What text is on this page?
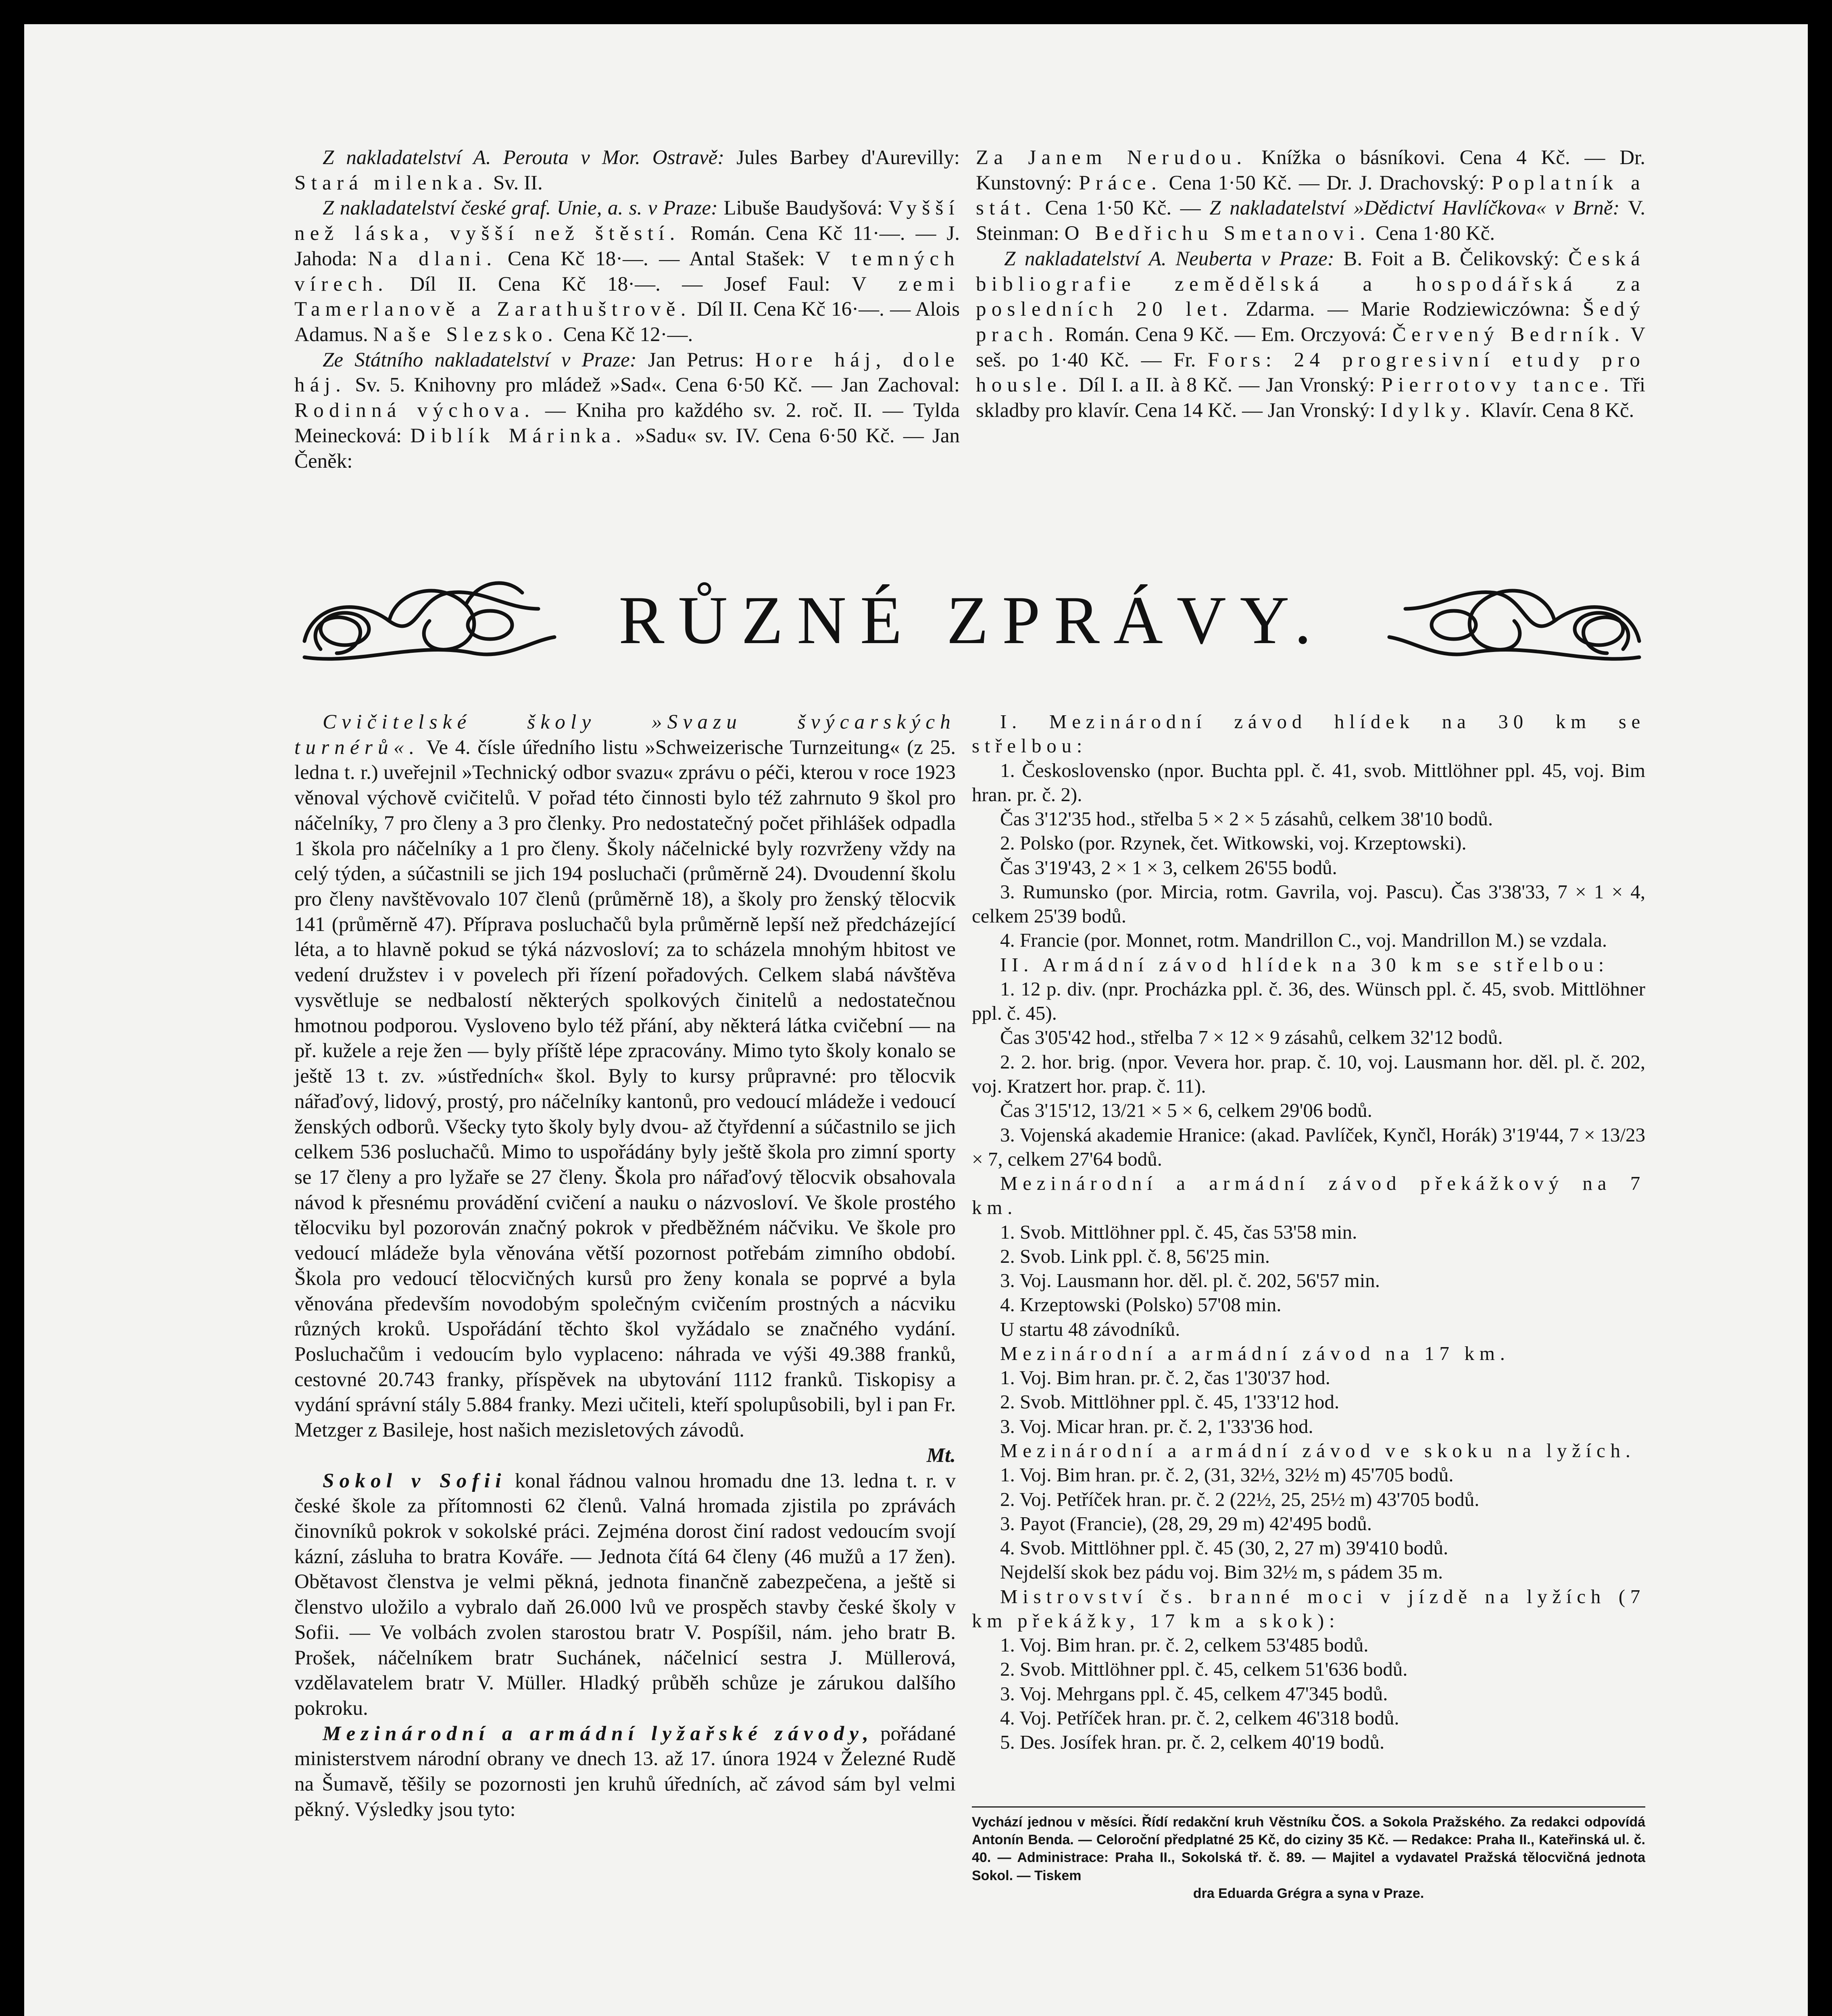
Z nakladatelství A. Perouta v Mor. Ostravě: Jules Barbey d'Aurevilly: Stará milenka. Sv. II.

Z nakladatelství české graf. Unie, a. s. v Praze: Libuše Baudyšová: Vyšší než láska, vyšší než štěstí. Román. Cena Kč 11·—. — J. Jahoda: Na dlani. Cena Kč 18·—. — Antal Stašek: V temných vírech. Díl II. Cena Kč 18·—. — Josef Faul: V zemi Tamerlanově a Zarathuštrově. Díl II. Cena Kč 16·—. — Alois Adamus. Naše Slezsko. Cena Kč 12·—.

Ze Státního nakladatelství v Praze: Jan Petrus: Hore háj, dole háj. Sv. 5. Knihovny pro mládež »Sad«. Cena 6·50 Kč. — Jan Zachoval: Rodinná výchova. — Kniha pro každého sv. 2. roč. II. — Tylda Meinecková: Diblík Márinka. »Sadu« sv. IV. Cena 6·50 Kč. — Jan Čeněk:

Za Janem Nerudou. Knížka o básníkovi. Cena 4 Kč. — Dr. Kunstovný: Práce. Cena 1·50 Kč. — Dr. J. Drachovský: Poplatník a stát. Cena 1·50 Kč. — Z nakladatelství »Dědictví Havlíčkova« v Brně: V. Steinman: O Bedřichu Smetanovi. Cena 1·80 Kč.

Z nakladatelství A. Neuberta v Praze: B. Foit a B. Čelikovský: Česká bibliografie zemědělská a hospodářská za posledních 20 let. Zdarma. — Marie Rodziewiczówna: Šedý prach. Román. Cena 9 Kč. — Em. Orczyová: Červený Bedrník. V seš. po 1·40 Kč. — Fr. Fors: 24 progresivní etudy pro housle. Díl I. a II. à 8 Kč. — Jan Vronský: Pierrotovy tance. Tři skladby pro klavír. Cena 14 Kč. — Jan Vronský: Idylky. Klavír. Cena 8 Kč.

RŮZNÉ ZPRÁVY.

Cvičitelské školy »Svazu švýcarských turnérů«. Ve 4. čísle úředního listu »Schweizerische Turnzeitung« (z 25. ledna t. r.) uveřejnil »Technický odbor svazu« zprávu o péči, kterou v roce 1923 věnoval výchově cvičitelů. V pořad této činnosti bylo též zahrnuto 9 škol pro náčelníky, 7 pro členy a 3 pro členky. Pro nedostatečný počet přihlášek odpadla 1 škola pro náčelníky a 1 pro členy. Školy náčelnické byly rozvrženy vždy na celý týden, a súčastnili se jich 194 posluchači (průměrně 24). Dvoudenní školu pro členy navštěvovalo 107 členů (průměrně 18), a školy pro ženský tělocvik 141 (průměrně 47). Příprava posluchačů byla průměrně lepší než předcházející léta, a to hlavně pokud se týká názvosloví; za to scházela mnohým hbitost ve vedení družstev i v povelech při řízení pořadových. Celkem slabá návštěva vysvětluje se nedbalostí některých spolkových činitelů a nedostatečnou hmotnou podporou. Vysloveno bylo též přání, aby některá látka cvičební — na př. kužele a reje žen — byly příště lépe zpracovány. Mimo tyto školy konalo se ještě 13 t. zv. »ústředních« škol. Byly to kursy průpravné: pro tělocvik nářaďový, lidový, prostý, pro náčelníky kantonů, pro vedoucí mládeže i vedoucí ženských odborů. Všecky tyto školy byly dvou- až čtyřdenní a súčastnilo se jich celkem 536 posluchačů. Mimo to uspořádány byly ještě škola pro zimní sporty se 17 členy a pro lyžaře se 27 členy. Škola pro nářaďový tělocvik obsahovala návod k přesnému provádění cvičení a nauku o názvosloví. Ve škole prostého tělocviku byl pozorován značný pokrok v předběžném náčviku. Ve škole pro vedoucí mládeže byla věnována větší pozornost potřebám zimního období. Škola pro vedoucí tělocvičných kursů pro ženy konala se poprvé a byla věnována především novodobým společným cvičením prostných a nácviku různých kroků. Uspořádání těchto škol vyžádalo se značného vydání. Posluchačům i vedoucím bylo vyplaceno: náhrada ve výši 49.388 franků, cestovné 20.743 franky, příspěvek na ubytování 1112 franků. Tiskopisy a vydání správní stály 5.884 franky. Mezi učiteli, kteří spolupůsobili, byl i pan Fr. Metzger z Basileje, host našich mezisletových závodů.
Mt.

Sokol v Sofii konal řádnou valnou hromadu dne 13. ledna t. r. v české škole za přítomnosti 62 členů. Valná hromada zjistila po zprávách činovníků pokrok v sokolské práci. Zejména dorost činí radost vedoucím svojí kázní, zásluha to bratra Kováře. — Jednota čítá 64 členy (46 mužů a 17 žen). Obětavost členstva je velmi pěkná, jednota finančně zabezpečena, a ještě si členstvo uložilo a vybralo daň 26.000 lvů ve prospěch stavby české školy v Sofii. — Ve volbách zvolen starostou bratr V. Pospíšil, nám. jeho bratr B. Prošek, náčelníkem bratr Suchánek, náčelnicí sestra J. Müllerová, vzdělavatelem bratr V. Müller. Hladký průběh schůze je zárukou dalšího pokroku.

Mezinárodní a armádní lyžařské závody, pořádané ministerstvem národní obrany ve dnech 13. až 17. února 1924 v Železné Rudě na Šumavě, těšily se pozornosti jen kruhů úředních, ač závod sám byl velmi pěkný. Výsledky jsou tyto:

I. Mezinárodní závod hlídek na 30 km se střelbou:

1. Československo (npor. Buchta ppl. č. 41, svob. Mittlöhner ppl. 45, voj. Bim hran. pr. č. 2).

Čas 3'12'35 hod., střelba 5 × 2 × 5 zásahů, celkem 38'10 bodů.

2. Polsko (por. Rzynek, čet. Witkowski, voj. Krzeptowski).

Čas 3'19'43, 2 × 1 × 3, celkem 26'55 bodů.

3. Rumunsko (por. Mircia, rotm. Gavrila, voj. Pascu). Čas 3'38'33, 7 × 1 × 4, celkem 25'39 bodů.

4. Francie (por. Monnet, rotm. Mandrillon C., voj. Mandrillon M.) se vzdala.

II. Armádní závod hlídek na 30 km se střelbou:

1. 12 p. div. (npr. Procházka ppl. č. 36, des. Wünsch ppl. č. 45, svob. Mittlöhner ppl. č. 45).

Čas 3'05'42 hod., střelba 7 × 12 × 9 zásahů, celkem 32'12 bodů.

2. 2. hor. brig. (npor. Vevera hor. prap. č. 10, voj. Lausmann hor. děl. pl. č. 202, voj. Kratzert hor. prap. č. 11).

Čas 3'15'12, 13/21 × 5 × 6, celkem 29'06 bodů.

3. Vojenská akademie Hranice: (akad. Pavlíček, Kynčl, Horák) 3'19'44, 7 × 13/23 × 7, celkem 27'64 bodů.

Mezinárodní a armádní závod překážkový na 7 km.

1. Svob. Mittlöhner ppl. č. 45, čas 53'58 min.

2. Svob. Link ppl. č. 8, 56'25 min.

3. Voj. Lausmann hor. děl. pl. č. 202, 56'57 min.

4. Krzeptowski (Polsko) 57'08 min.

U startu 48 závodníků.

Mezinárodní a armádní závod na 17 km.

1. Voj. Bim hran. pr. č. 2, čas 1'30'37 hod.

2. Svob. Mittlöhner ppl. č. 45, 1'33'12 hod.

3. Voj. Micar hran. pr. č. 2, 1'33'36 hod.

Mezinárodní a armádní závod ve skoku na lyžích.

1. Voj. Bim hran. pr. č. 2, (31, 32½, 32½ m) 45'705 bodů.

2. Voj. Petříček hran. pr. č. 2 (22½, 25, 25½ m) 43'705 bodů.

3. Payot (Francie), (28, 29, 29 m) 42'495 bodů.

4. Svob. Mittlöhner ppl. č. 45 (30, 2, 27 m) 39'410 bodů.

Nejdelší skok bez pádu voj. Bim 32½ m, s pádem 35 m.

Mistrovství čs. branné moci v jízdě na lyžích (7 km překážky, 17 km a skok):

1. Voj. Bim hran. pr. č. 2, celkem 53'485 bodů.

2. Svob. Mittlöhner ppl. č. 45, celkem 51'636 bodů.

3. Voj. Mehrgans ppl. č. 45, celkem 47'345 bodů.

4. Voj. Petříček hran. pr. č. 2, celkem 46'318 bodů.

5. Des. Josífek hran. pr. č. 2, celkem 40'19 bodů.

Vychází jednou v měsíci. Řídí redakční kruh Věstníku ČOS. a Sokola Pražského. Za redakci odpovídá Antonín Benda. — Celoroční předplatné 25 Kč, do ciziny 35 Kč. — Redakce: Praha II., Kateřinská ul. č. 40. — Administrace: Praha II., Sokolská tř. č. 89. — Majitel a vydavatel Pražská tělocvičná jednota Sokol. — Tiskem
dra Eduarda Grégra a syna v Praze.
